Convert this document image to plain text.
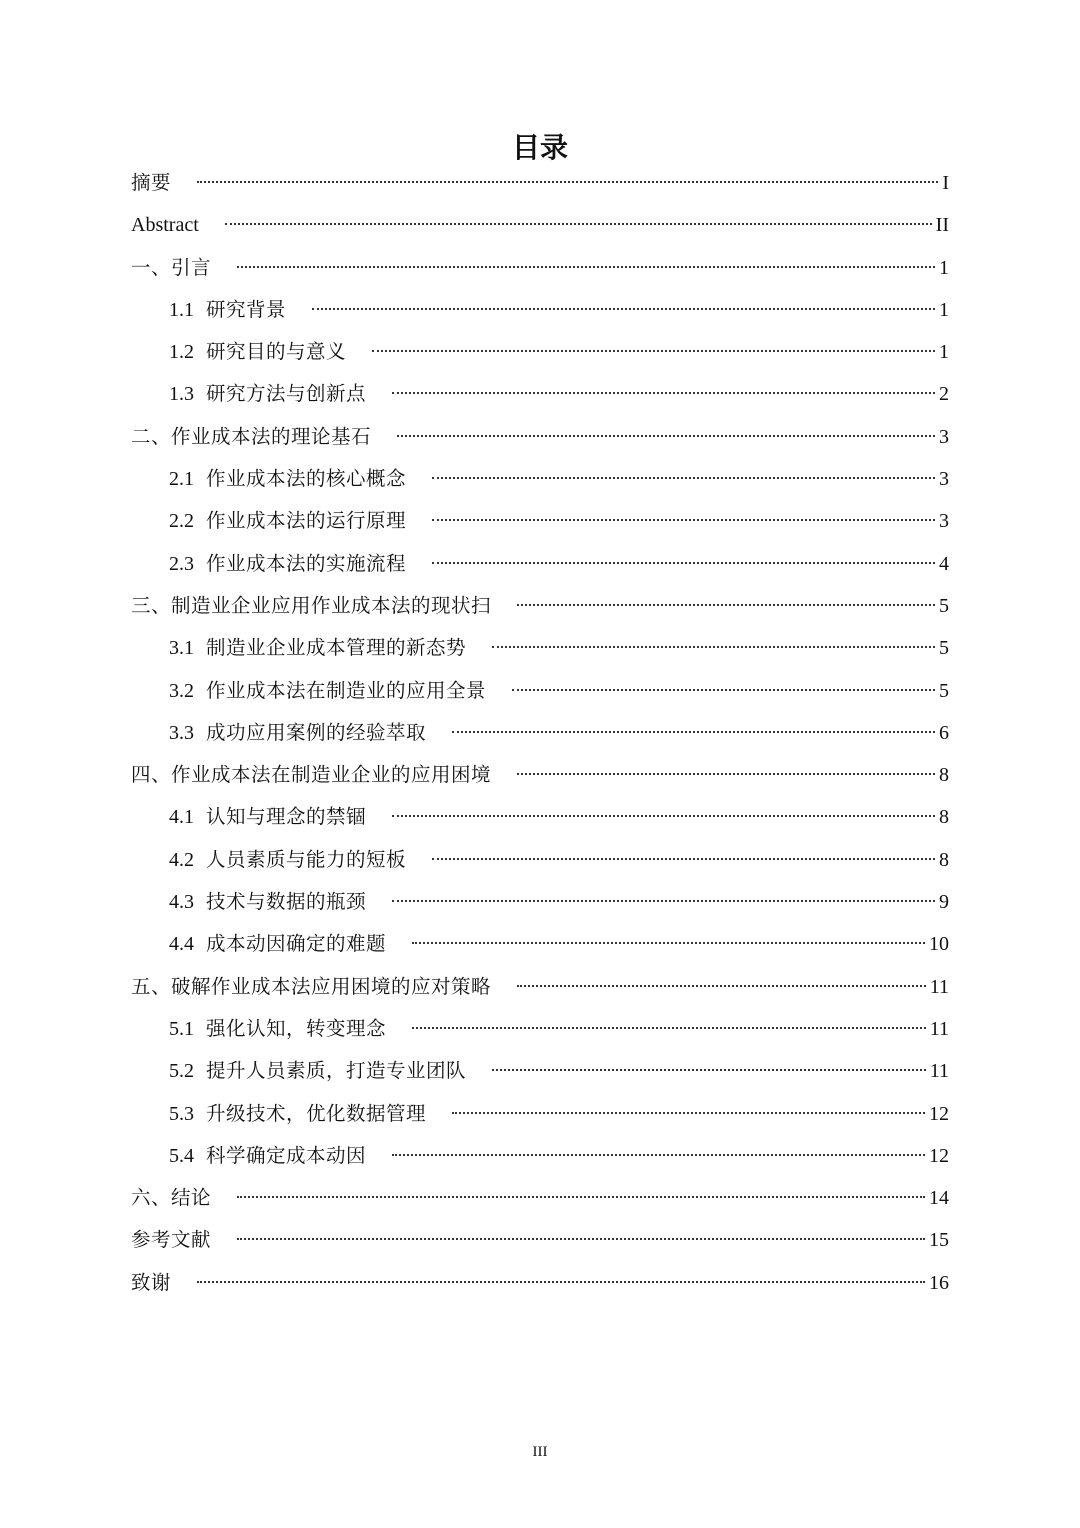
目录
摘要	I
Abstract	II
一、引言	1
1.1 研究背景	1
1.2 研究目的与意义	1
1.3 研究方法与创新点	2
二、作业成本法的理论基石	3
2.1 作业成本法的核心概念	3
2.2 作业成本法的运行原理	3
2.3 作业成本法的实施流程	4
三、制造业企业应用作业成本法的现状扫	5
3.1 制造业企业成本管理的新态势	5
3.2 作业成本法在制造业的应用全景	5
3.3 成功应用案例的经验萃取	6
四、作业成本法在制造业企业的应用困境	8
4.1 认知与理念的禁锢	8
4.2 人员素质与能力的短板	8
4.3 技术与数据的瓶颈	9
4.4 成本动因确定的难题	10
五、破解作业成本法应用困境的应对策略	11
5.1 强化认知，转变理念	11
5.2 提升人员素质，打造专业团队	11
5.3 升级技术，优化数据管理	12
5.4 科学确定成本动因	12
六、结论	14
参考文献	15
致谢	16
III
